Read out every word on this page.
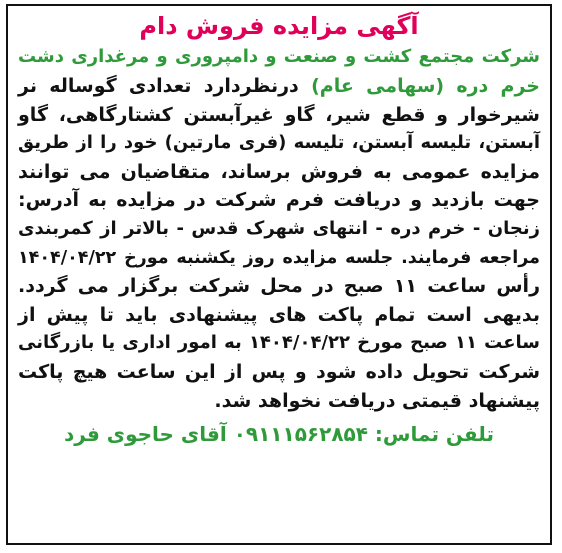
آگهی مزایده فروش دام
شرکت مجتمع کشت و صنعت و دامپروری و مرغداری دشت
خرم دره (سهامی عام) درنظردارد تعدادی گوساله نر
شیرخوار و قطع شیر، گاو غیرآبستن کشتارگاهی، گاو
آبستن، تلیسه آبستن، تلیسه (فری مارتین) خود را از طریق
مزایده عمومی به فروش برساند، متقاضیان می توانند
جهت بازدید و دریافت فرم شرکت در مزایده به آدرس:
زنجان - خرم دره - انتهای شهرک قدس - بالاتر از کمربندی
مراجعه فرمایند. جلسه مزایده روز یکشنبه مورخ ۱۴۰۴/۰۴/۲۲
رأس ساعت ۱۱ صبح در محل شرکت برگزار می گردد.
بدیهی است تمام پاکت های پیشنهادی باید تا پیش از
ساعت ۱۱ صبح مورخ ۱۴۰۴/۰۴/۲۲ به امور اداری یا بازرگانی
شرکت تحویل داده شود و پس از این ساعت هیچ پاکت
پیشنهاد قیمتی دریافت نخواهد شد.
تلفن تماس: ۰۹۱۱۱۵۶۲۸۵۴ آقای حاجوی فرد
